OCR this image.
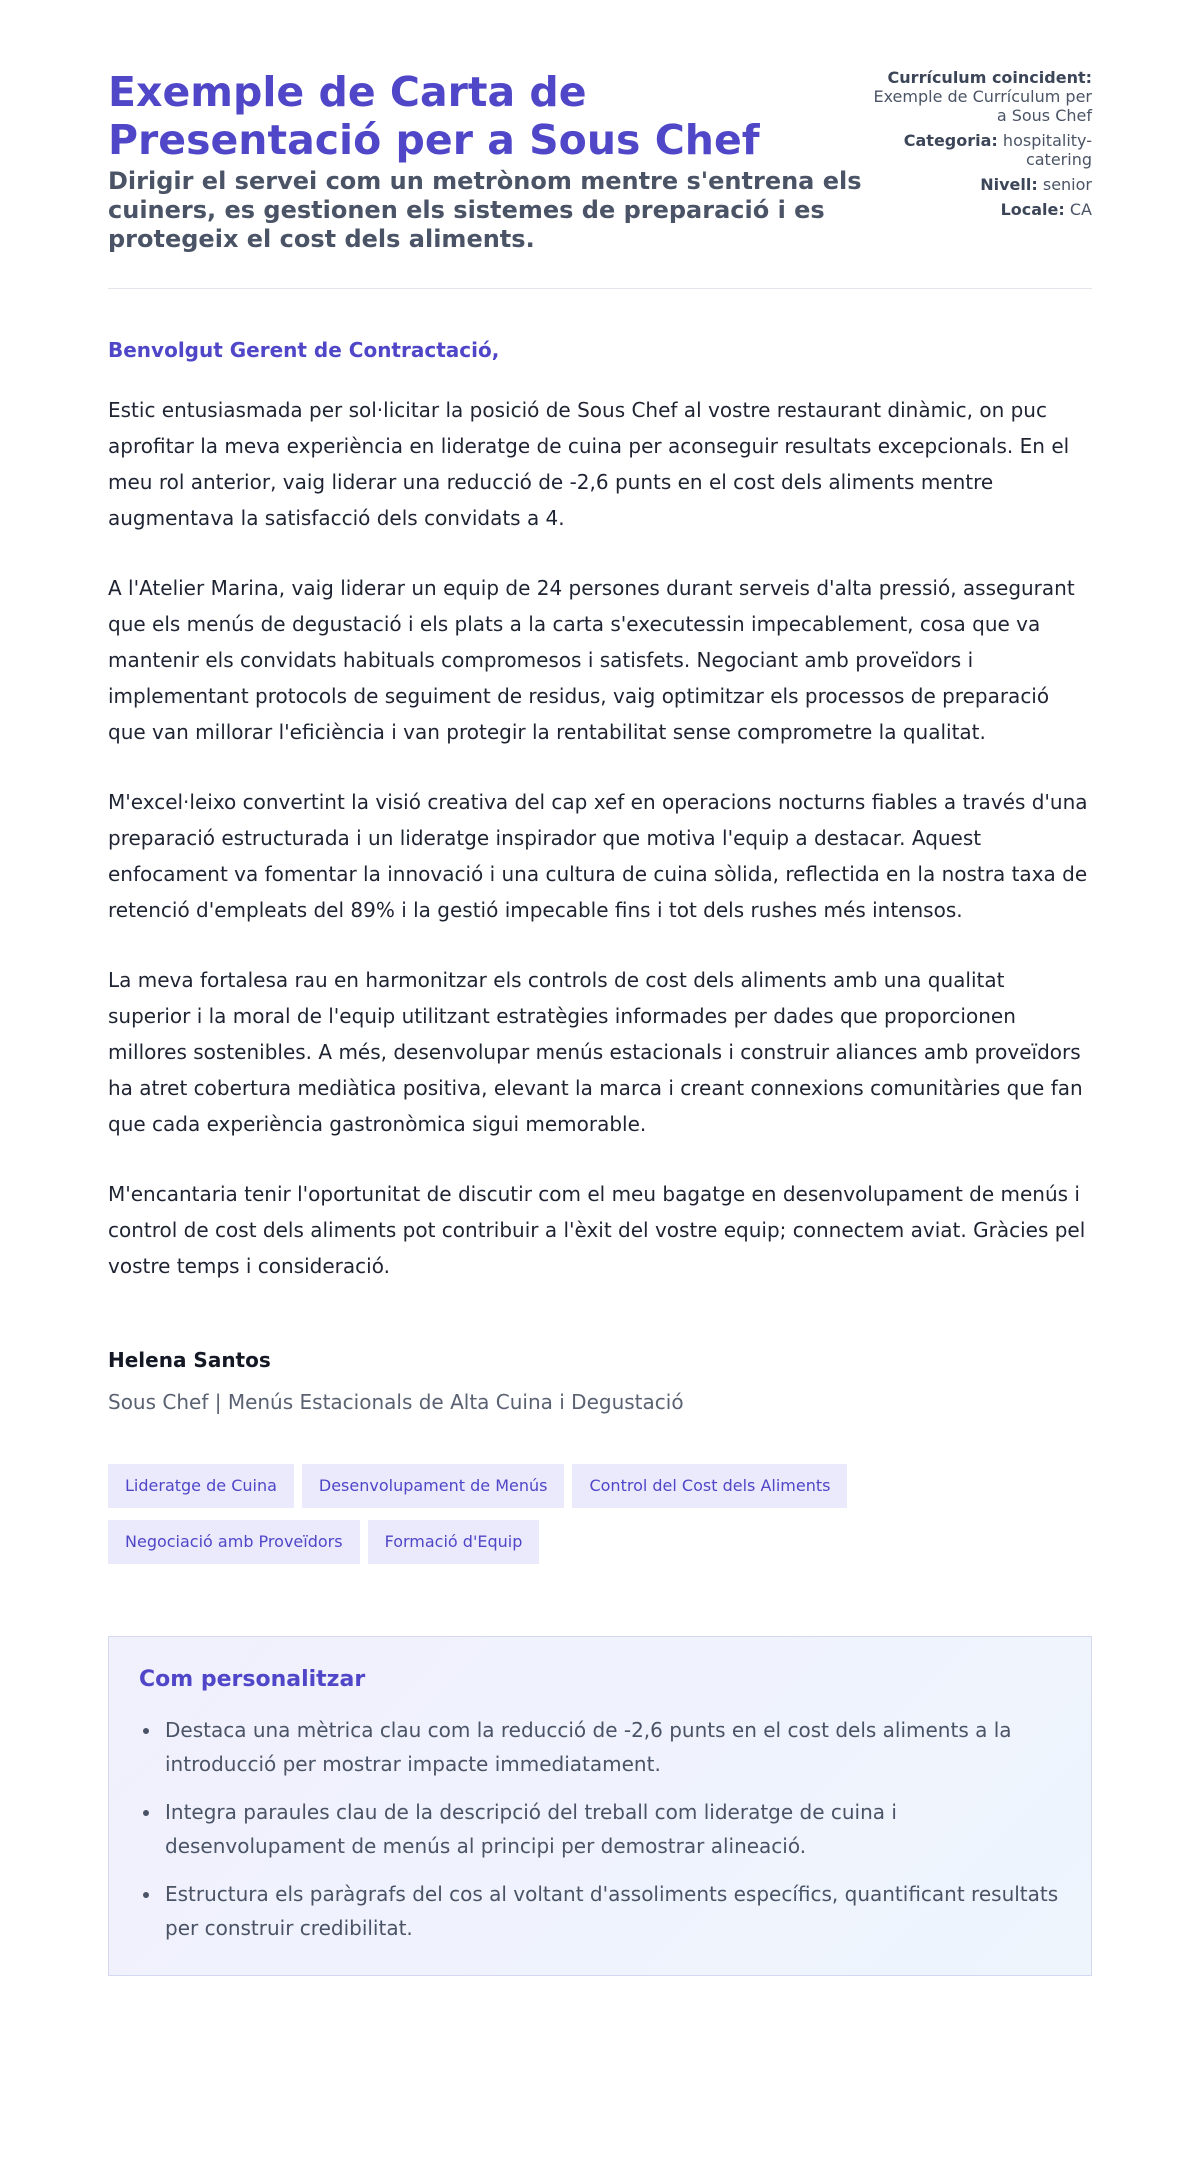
Exemple de Carta de Presentació per a Sous Chef
Dirigir el servei com un metrònom mentre s'entrena els cuiners, es gestionen els sistemes de preparació i es protegeix el cost dels aliments.
Currículum coincident: Exemple de Currículum per a Sous Chef
Categoria: hospitality-catering
Nivell: senior
Locale: CA

Benvolgut Gerent de Contractació,

Estic entusiasmada per sol·licitar la posició de Sous Chef al vostre restaurant dinàmic, on puc aprofitar la meva experiència en lideratge de cuina per aconseguir resultats excepcionals. En el meu rol anterior, vaig liderar una reducció de -2,6 punts en el cost dels aliments mentre augmentava la satisfacció dels convidats a 4.

A l'Atelier Marina, vaig liderar un equip de 24 persones durant serveis d'alta pressió, assegurant que els menús de degustació i els plats a la carta s'executessin impecablement, cosa que va mantenir els convidats habituals compromesos i satisfets. Negociant amb proveïdors i implementant protocols de seguiment de residus, vaig optimitzar els processos de preparació que van millorar l'eficiència i van protegir la rentabilitat sense comprometre la qualitat.

M'excel·leixo convertint la visió creativa del cap xef en operacions nocturns fiables a través d'una preparació estructurada i un lideratge inspirador que motiva l'equip a destacar. Aquest enfocament va fomentar la innovació i una cultura de cuina sòlida, reflectida en la nostra taxa de retenció d'empleats del 89% i la gestió impecable fins i tot dels rushes més intensos.

La meva fortalesa rau en harmonitzar els controls de cost dels aliments amb una qualitat superior i la moral de l'equip utilitzant estratègies informades per dades que proporcionen millores sostenibles. A més, desenvolupar menús estacionals i construir aliances amb proveïdors ha atret cobertura mediàtica positiva, elevant la marca i creant connexions comunitàries que fan que cada experiència gastronòmica sigui memorable.

M'encantaria tenir l'oportunitat de discutir com el meu bagatge en desenvolupament de menús i control de cost dels aliments pot contribuir a l'èxit del vostre equip; connectem aviat. Gràcies pel vostre temps i consideració.

Helena Santos
Sous Chef | Menús Estacionals de Alta Cuina i Degustació
Lideratge de Cuina	Desenvolupament de Menús	Control del Cost dels Aliments
Negociació amb Proveïdors	Formació d'Equip
Com personalitzar
Destaca una mètrica clau com la reducció de -2,6 punts en el cost dels aliments a la introducció per mostrar impacte immediatament.
Integra paraules clau de la descripció del treball com lideratge de cuina i desenvolupament de menús al principi per demostrar alineació.
Estructura els paràgrafs del cos al voltant d'assoliments específics, quantificant resultats per construir credibilitat.
